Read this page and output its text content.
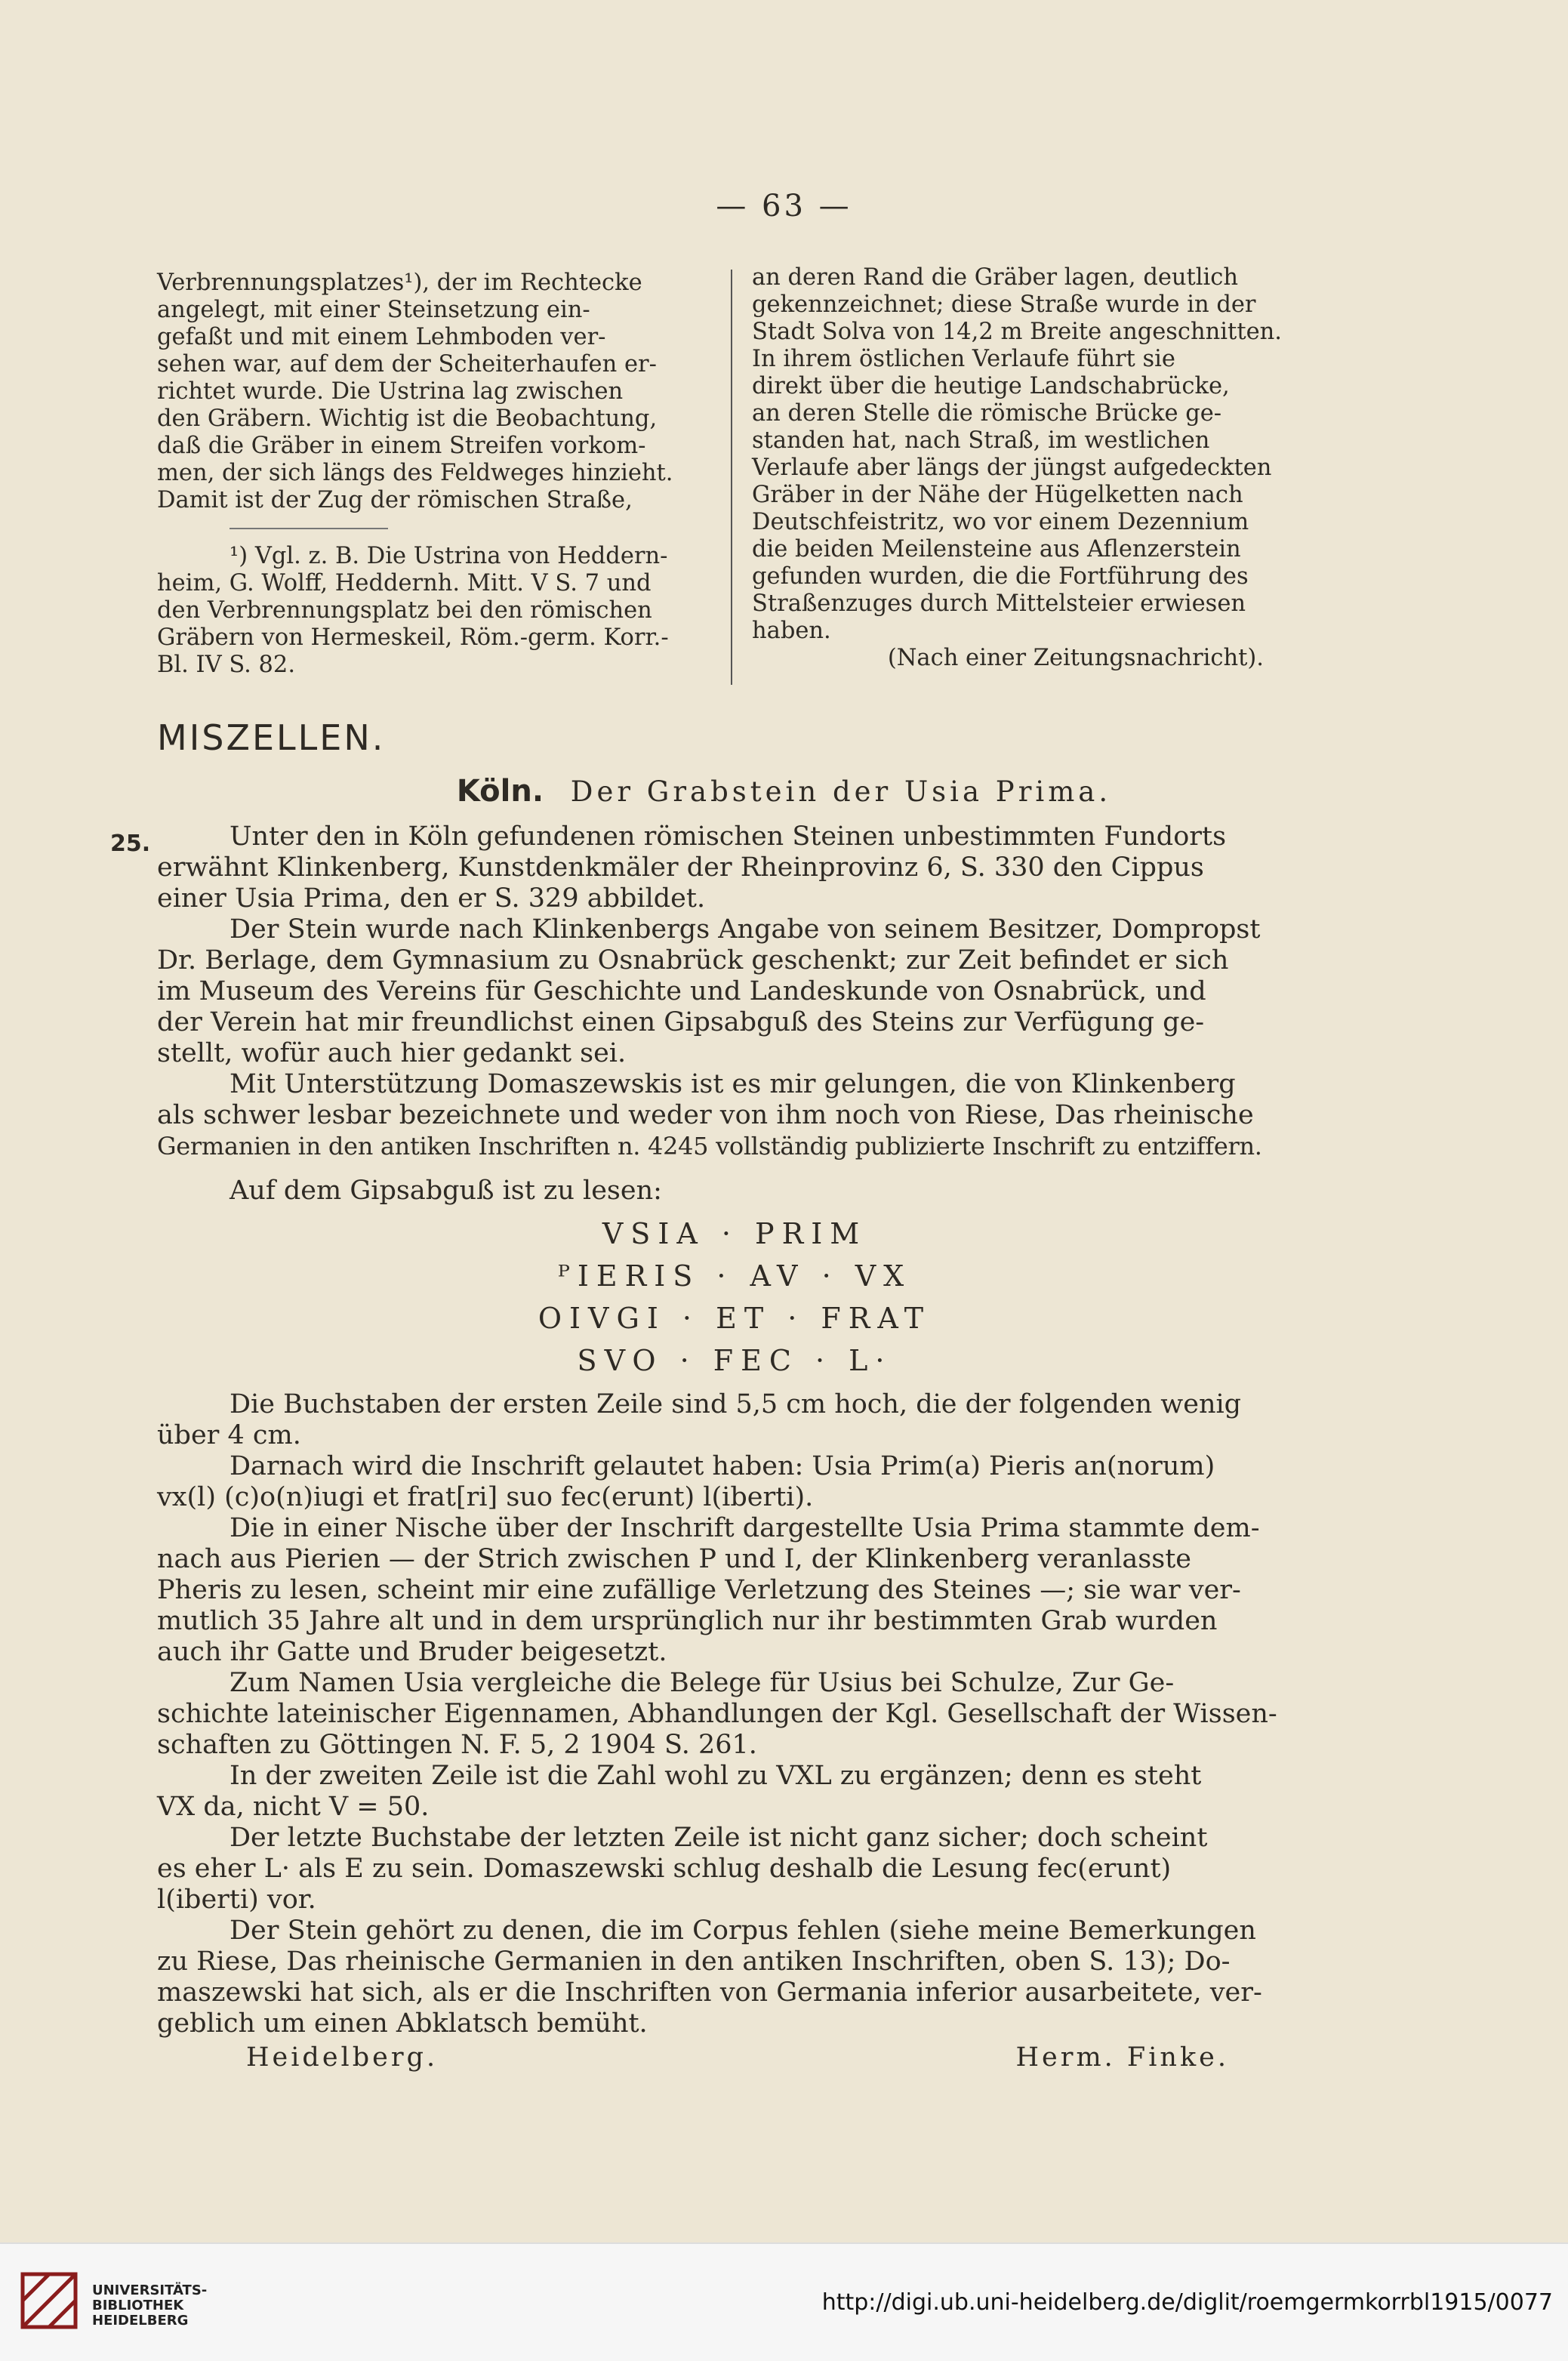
— 63 —

Verbrennungsplatzes¹), der im Rechtecke

angelegt, mit einer Steinsetzung ein-

gefaßt und mit einem Lehmboden ver-

sehen war, auf dem der Scheiterhaufen er-

richtet wurde. Die Ustrina lag zwischen

den Gräbern. Wichtig ist die Beobachtung,

daß die Gräber in einem Streifen vorkom-

men, der sich längs des Feldweges hinzieht.

Damit ist der Zug der römischen Straße,

¹) Vgl. z. B. Die Ustrina von Heddern-

heim, G. Wolff, Heddernh. Mitt. V S. 7 und

den Verbrennungsplatz bei den römischen

Gräbern von Hermeskeil, Röm.-germ. Korr.-

Bl. IV S. 82.

an deren Rand die Gräber lagen, deutlich

gekennzeichnet; diese Straße wurde in der

Stadt Solva von 14,2 m Breite angeschnitten.

In ihrem östlichen Verlaufe führt sie

direkt über die heutige Landschabrücke,

an deren Stelle die römische Brücke ge-

standen hat, nach Straß, im westlichen

Verlaufe aber längs der jüngst aufgedeckten

Gräber in der Nähe der Hügelketten nach

Deutschfeistritz, wo vor einem Dezennium

die beiden Meilensteine aus Aflenzerstein

gefunden wurden, die die Fortführung des

Straßenzuges durch Mittelsteier erwiesen

haben.

(Nach einer Zeitungsnachricht).

MISZELLEN.
Köln. Der Grabstein der Usia Prima.
25.	Unter den in Köln gefundenen römischen Steinen unbestimmten Fundorts

erwähnt Klinkenberg, Kunstdenkmäler der Rheinprovinz 6, S. 330 den Cippus

einer Usia Prima, den er S. 329 abbildet.

Der Stein wurde nach Klinkenbergs Angabe von seinem Besitzer, Dompropst

Dr. Berlage, dem Gymnasium zu Osnabrück geschenkt; zur Zeit befindet er sich

im Museum des Vereins für Geschichte und Landeskunde von Osnabrück, und

der Verein hat mir freundlichst einen Gipsabguß des Steins zur Verfügung ge-

stellt, wofür auch hier gedankt sei.

Mit Unterstützung Domaszewskis ist es mir gelungen, die von Klinkenberg

als schwer lesbar bezeichnete und weder von ihm noch von Riese, Das rheinische

Germanien in den antiken Inschriften n. 4245 vollständig publizierte Inschrift zu entziffern.

Auf dem Gipsabguß ist zu lesen:

VSIA · PRIM
ᴾIERIS · AV · VX
OIVGI · ET · FRAT
SVO · FEC · L·

Die Buchstaben der ersten Zeile sind 5,5 cm hoch, die der folgenden wenig

über 4 cm.

Darnach wird die Inschrift gelautet haben: Usia Prim(a) Pieris an(norum)

vx(l) (c)o(n)iugi et frat[ri] suo fec(erunt) l(iberti).

Die in einer Nische über der Inschrift dargestellte Usia Prima stammte dem-

nach aus Pierien — der Strich zwischen P und I, der Klinkenberg veranlasste

Pheris zu lesen, scheint mir eine zufällige Verletzung des Steines —; sie war ver-

mutlich 35 Jahre alt und in dem ursprünglich nur ihr bestimmten Grab wurden

auch ihr Gatte und Bruder beigesetzt.

Zum Namen Usia vergleiche die Belege für Usius bei Schulze, Zur Ge-

schichte lateinischer Eigennamen, Abhandlungen der Kgl. Gesellschaft der Wissen-

schaften zu Göttingen N. F. 5, 2 1904 S. 261.

In der zweiten Zeile ist die Zahl wohl zu VXL zu ergänzen; denn es steht

VX da, nicht V = 50.

Der letzte Buchstabe der letzten Zeile ist nicht ganz sicher; doch scheint

es eher L· als E zu sein. Domaszewski schlug deshalb die Lesung fec(erunt)

l(iberti) vor.

Der Stein gehört zu denen, die im Corpus fehlen (siehe meine Bemerkungen

zu Riese, Das rheinische Germanien in den antiken Inschriften, oben S. 13); Do-

maszewski hat sich, als er die Inschriften von Germania inferior ausarbeitete, ver-

geblich um einen Abklatsch bemüht.

Heidelberg.	Herm. Finke.
UNIVERSITÄTS-
BIBLIOTHEK
HEIDELBERG
http://digi.ub.uni-heidelberg.de/diglit/roemgermkorrbl1915/0077
